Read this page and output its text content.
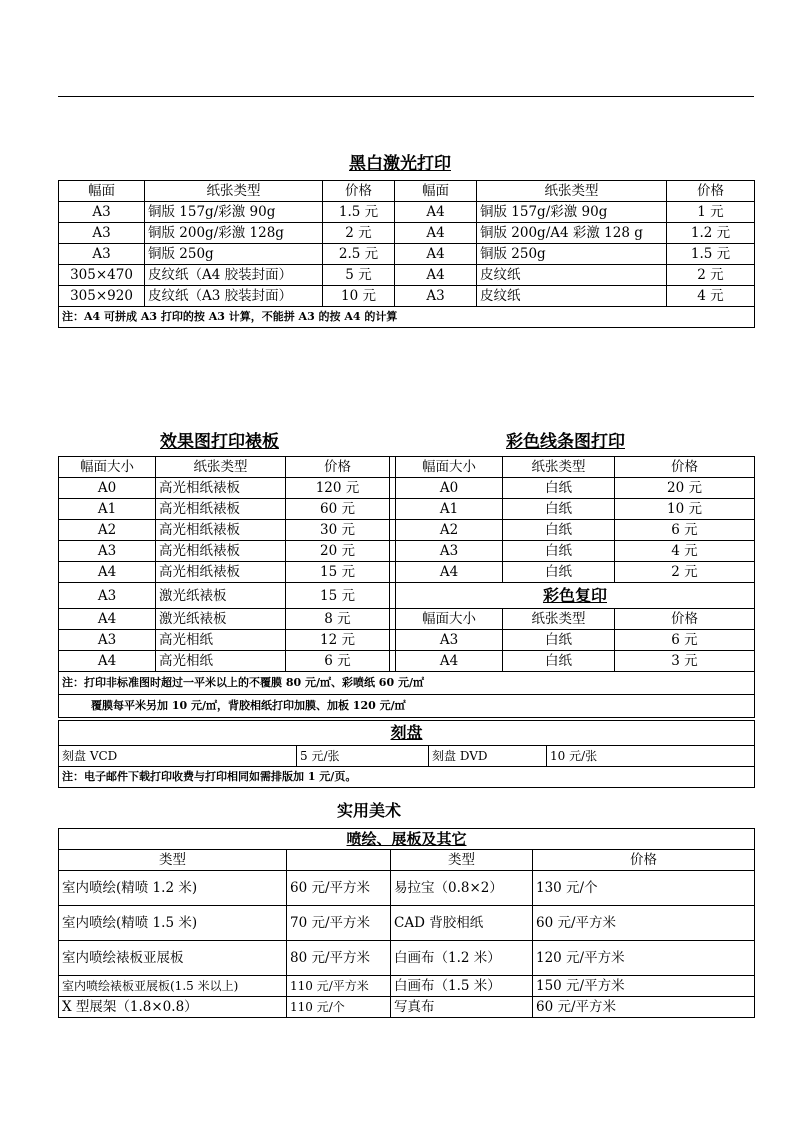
黑白激光打印
幅面	纸张类型	价格	幅面	纸张类型	价格
A3	铜版 157g/彩激 90g	1.5 元	A4	铜版 157g/彩激 90g	1 元
A3	铜版 200g/彩激 128g	2 元	A4	铜版 200g/A4 彩激 128 g	1.2 元
A3	铜版 250g	2.5 元	A4	铜版 250g	1.5 元
305×470	皮纹纸（A4 胶装封面）	5 元	A4	皮纹纸	2 元
305×920	皮纹纸（A3 胶装封面）	10 元	A3	皮纹纸	4 元
注：A4 可拼成 A3 打印的按 A3 计算，不能拼 A3 的按 A4 的计算					
效果图打印裱板	彩色线条图打印
幅面大小	纸张类型	价格		幅面大小	纸张类型	价格
A0	高光相纸裱板	120 元		A0	白纸	20 元
A1	高光相纸裱板	60 元		A1	白纸	10 元
A2	高光相纸裱板	30 元		A2	白纸	6 元
A3	高光相纸裱板	20 元		A3	白纸	4 元
A4	高光相纸裱板	15 元		A4	白纸	2 元
A3	激光纸裱板	15 元		彩色复印		
A4	激光纸裱板	8 元		幅面大小	纸张类型	价格
A3	高光相纸	12 元		A3	白纸	6 元
A4	高光相纸	6 元		A4	白纸	3 元
注：打印非标准图时超过一平米以上的不覆膜 80 元/㎡、彩喷纸 60 元/㎡						
覆膜每平米另加 10 元/㎡，背胶相纸打印加膜、加板 120 元/㎡						
刻盘
刻盘 VCD	5 元/张	刻盘 DVD	10 元/张
注：电子邮件下载打印收费与打印相同如需排版加 1 元/页。
实用美术
喷绘、展板及其它			
类型		类型	价格
室内喷绘(精喷 1.2 米)	60 元/平方米	易拉宝（0.8×2）	130 元/个
室内喷绘(精喷 1.5 米)	70 元/平方米	CAD 背胶相纸	60 元/平方米
室内喷绘裱板亚展板	80 元/平方米	白画布（1.2 米）	120 元/平方米
室内喷绘裱板亚展板(1.5 米以上)	110 元/平方米	白画布（1.5 米）	150 元/平方米
X 型展架（1.8×0.8）	110 元/个	写真布	60 元/平方米
